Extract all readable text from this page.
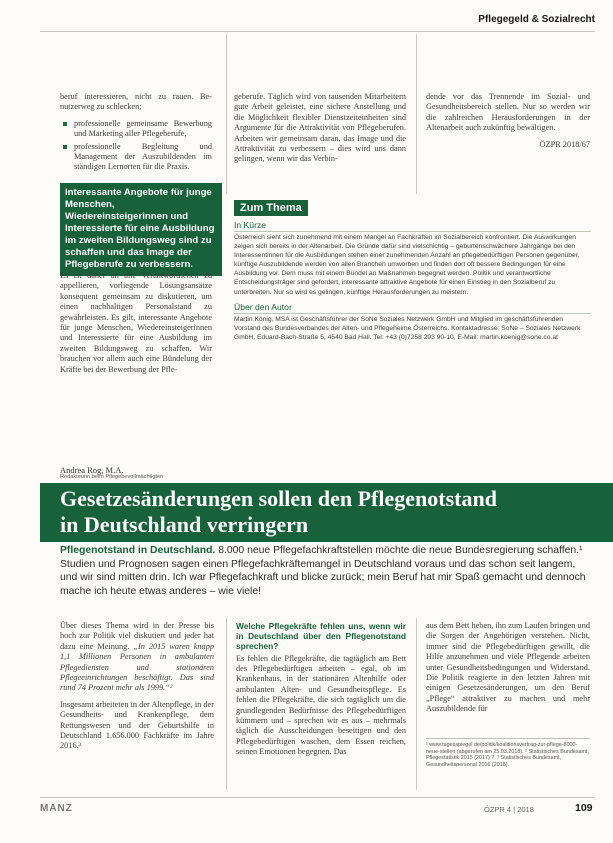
Pflegegeld & Sozialrecht

beruf interessieren, nicht zu rauen. Be-nutzerweg zu schlecken;

professionelle gemeinsame Bewerbung und Marketing aller Pflegeberufe,
professionelle Begleitung und Management der Auszubildenden im ständigen Lernorten für die Praxis.
Interessante Angebote für junge Menschen, Wiedereinsteigerinnen und Interessierte für eine Ausbildung im zweiten Bildungsweg sind zu schaffen und das Image der Pflegeberufe zu verbessern.

Es ist daher an alle Verantwortlichen zu appellieren, vorliegende Lösungsansätze konsequent gemeinsam zu diskutieren, um einen nachhaltigen Personalstand zu gewährleisten. Es gilt, interessante Angebote für junge Menschen, Wiedereinsteigerinnen und Interessierte für eine Ausbildung im zweiten Bildungsweg zu schaffen. Wir brauchen vor allem auch eine Bündelung der Kräfte bei der Bewerbung der Pfle-

geberufe. Täglich wird von tausenden Mitarbeitern gute Arbeit geleistet, eine sichere Anstellung und die Möglichkeit flexibler Dienstzeiteinheiten sind Argumente für die Attraktivität von Pflegeberufen. Arbeiten wir gemeinsam daran, das Image und die Attraktivität zu verbessern – dies wird uns dann gelingen, wenn wir das Verbin-

dende vor das Trennende im Sozial- und Gesundheitsbereich stellen. Nur so werden wir die zahlreichen Herausforderungen in der Altenarbeit auch zukünftig bewältigen.

ÖZPR 2018/67

Zum Thema
In Kürze

Österreich sieht sich zunehmend mit einem Mangel an Fachkräften im Sozialbereich konfrontiert. Die Auswirkungen zeigen sich bereits in der Altenarbeit. Die Gründe dafür sind vielschichtig – geburtenschwächere Jahrgänge bei den Interessentinnen für die Ausbildungen stehen einer zunehmenden Anzahl an pflegebedürftigen Personen gegenüber, künftige Auszubildende werden von allen Branchen umworben und finden dort oft bessere Bedingungen für eine Ausbildung vor. Dem muss mit einem Bündel an Maßnahmen begegnet werden. Politik und verantwortliche Entscheidungsträger sind gefordert, interessante attraktive Angebote für einen Einstieg in den Sozialberuf zu unterbreiten. Nur so wird es gelingen, künftige Herausforderungen zu meistern.

Über den Autor

Martin König, MSA ist Geschäftsführer der SoNe Soziales Netzwerk GmbH und Mitglied im geschäftsführenden Vorstand des Bundesverbandes der Alten- und Pflegeheime Österreichs. Kontaktadresse: SoNe – Soziales Netzwerk GmbH, Eduard-Bach-Straße 5, 4540 Bad Hall. Tel: +43 (0)7258 293 90-10, E-Mail: martin.koenig@sone.co.at

Andrea Rog, M.A.
Redakteurin beim Pflegebevollmächtigten
Gesetzesänderungen sollen den Pflegenotstand
in Deutschland verringern
Pflegenotstand in Deutschland. 8.000 neue Pflegefachkraftstellen möchte die neue Bundesregierung schaffen.¹ Studien und Prognosen sagen einen Pflegefachkräftemangel in Deutschland voraus und das schon seit langem, und wir sind mitten drin. Ich war Pflegefachkraft und blicke zurück; mein Beruf hat mir Spaß gemacht und dennoch mache ich heute etwas anderes – wie viele!

Über dieses Thema wird in der Presse bis hoch zur Politik viel diskutiert und jeder hat dazu eine Meinung. „In 2015 waren knapp 1,1 Millionen Personen in ambulanten Pflegediensten und stationären Pflegeeinrichtungen beschäftigt. Das sind rund 74 Prozent mehr als 1999.“²

Insgesamt arbeiteten in der Altenpflege, in der Gesundheits- und Krankenpflege, dem Rettungswesen und der Geburtshilfe in Deutschland 1.656.000 Fachkräfte im Jahre 2016.³

Welche Pflegekräfte fehlen uns, wenn wir in Deutschland über den Pflegenotstand sprechen?

Es fehlen die Pflegekräfte, die tagtäglich am Bett des Pflegebedürftigen arbeiten – egal, ob im Krankenhaus, in der stationären Altenhilfe oder ambulanten Alten- und Gesundheitspflege. Es fehlen die Pflegekräfte, die sich tagtäglich um die grundlegenden Bedürfnisse des Pflegebedürftigen kümmern und – sprechen wir es aus – mehrmals täglich die Ausscheidungen beseitigen und den Pflegebedürftigen waschen, dem Essen reichen, seinen Emotionen begegnen. Das

aus dem Bett heben, ihn zum Laufen bringen und die Sorgen der Angehörigen verstehen. Nicht, immer sind die Pflegebedürftigen gewillt, die Hilfe anzunehmen und viele Pflegende arbeiten unter Gesundheitsbedingungen und Widerstand. Die Politik reagierte in den letzten Jahren mit einigen Gesetzesänderungen, um den Beruf „Pflege“ attraktiver zu machen und mehr Auszubildende für

¹ www.tagesspiegel.de/politik/koalitionsvertrag-zur-pflege-8000-neue-stellen (abgerufen am 25.03.2018). ² Statistisches Bundesamt, Pflegestatistik 2015 (2017) 7. ³ Statistisches Bundesamt, Gesundheitspersonal 2016 (2018).
MANZ	ÖZPR 4 | 2018	109
